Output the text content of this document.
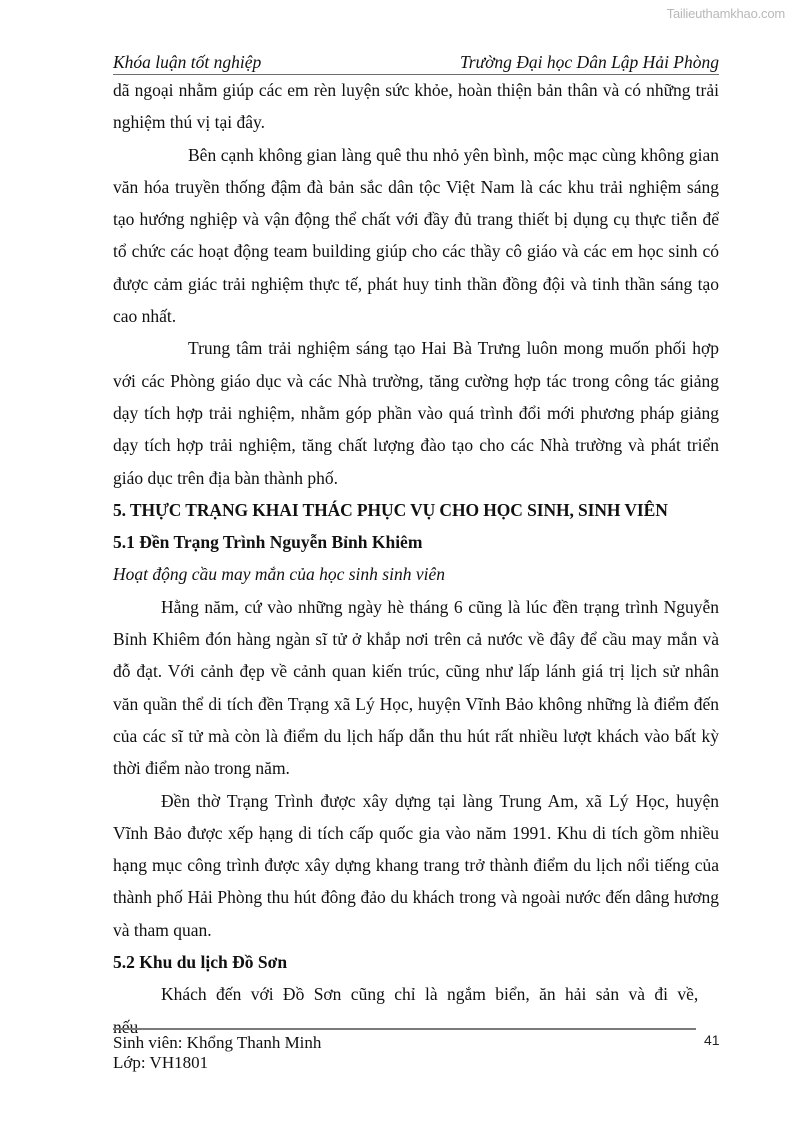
Tailieuthamkhao.com
Khóa luận tốt nghiệp	Trường Đại học Dân Lập Hải Phòng

dã ngoại nhằm giúp các em rèn luyện sức khỏe, hoàn thiện bản thân và có những trải nghiệm thú vị tại đây.

Bên cạnh không gian làng quê thu nhỏ yên bình, mộc mạc cùng không gian văn hóa truyền thống đậm đà bản sắc dân tộc Việt Nam là các khu trải nghiệm sáng tạo hướng nghiệp và vận động thể chất với đầy đủ trang thiết bị dụng cụ thực tiễn để tổ chức các hoạt động team building giúp cho các thầy cô giáo và các em học sinh có được cảm giác trải nghiệm thực tế, phát huy tinh thần đồng đội và tinh thần sáng tạo cao nhất.

Trung tâm trải nghiệm sáng tạo Hai Bà Trưng luôn mong muốn phối hợp với các Phòng giáo dục và các Nhà trường, tăng cường hợp tác trong công tác giảng dạy tích hợp trải nghiệm, nhằm góp phần vào quá trình đổi mới phương pháp giảng dạy tích hợp trải nghiệm, tăng chất lượng đào tạo cho các Nhà trường và phát triển giáo dục trên địa bàn thành phố.

5. THỰC TRẠNG KHAI THÁC PHỤC VỤ CHO HỌC SINH, SINH VIÊN

5.1 Đền Trạng Trình Nguyễn Bỉnh Khiêm

Hoạt động cầu may mắn của học sinh sinh viên

Hằng năm, cứ vào những ngày hè tháng 6 cũng là lúc đền trạng trình Nguyễn Bỉnh Khiêm đón hàng ngàn sĩ tử ở khắp nơi trên cả nước về đây để cầu may mắn và đỗ đạt. Với cảnh đẹp về cảnh quan kiến trúc, cũng như lấp lánh giá trị lịch sử nhân văn quần thể di tích đền Trạng xã Lý Học, huyện Vĩnh Bảo không những là điểm đến của các sĩ tử mà còn là điểm du lịch hấp dẫn thu hút rất nhiều lượt khách vào bất kỳ thời điểm nào trong năm.

Đền thờ Trạng Trình được xây dựng tại làng Trung Am, xã Lý Học, huyện Vĩnh Bảo được xếp hạng di tích cấp quốc gia vào năm 1991. Khu di tích gồm nhiều hạng mục công trình được xây dựng khang trang trở thành điểm du lịch nổi tiếng của thành phố Hải Phòng thu hút đông đảo du khách trong và ngoài nước đến dâng hương và tham quan.

5.2 Khu du lịch Đồ Sơn

Khách đến với Đồ Sơn cũng chỉ là ngắm biển, ăn hải sản và đi về, nếu

Sinh viên: Khổng Thanh Minh
Lớp: VH1801
41
